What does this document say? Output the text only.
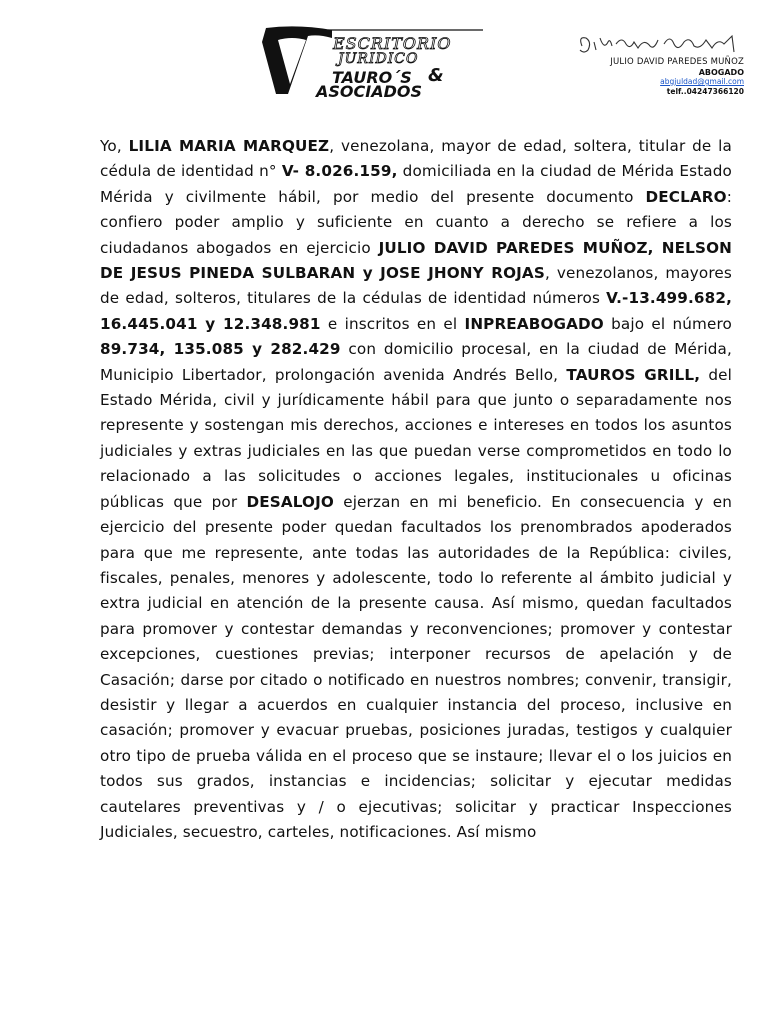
ESCRITORIO
JURIDICO
TAURO´S &
ASOCIADOS
JULIO DAVID PAREDES MUÑOZ
ABOGADO
abgjuldad@gmail.com
telf..04247366120
Yo, LILIA MARIA MARQUEZ, venezolana, mayor de edad, soltera, titular de la cédula de identidad n° V- 8.026.159, domiciliada en la ciudad de Mérida Estado Mérida y civilmente hábil, por medio del presente documento DECLARO: confiero poder amplio y suficiente en cuanto a derecho se refiere a los ciudadanos abogados en ejercicio JULIO DAVID PAREDES MUÑOZ, NELSON DE JESUS PINEDA SULBARAN y JOSE JHONY ROJAS, venezolanos, mayores de edad, solteros, titulares de la cédulas de identidad números V.-13.499.682, 16.445.041 y 12.348.981 e inscritos en el INPREABOGADO bajo el número 89.734, 135.085 y 282.429 con domicilio procesal, en la ciudad de Mérida, Municipio Libertador, prolongación avenida Andrés Bello, TAUROS GRILL, del Estado Mérida, civil y jurídicamente hábil para que junto o separadamente nos represente y sostengan mis derechos, acciones e intereses en todos los asuntos judiciales y extras judiciales en las que puedan verse comprometidos en todo lo relacionado a las solicitudes o acciones legales, institucionales u oficinas públicas que por DESALOJO ejerzan en mi beneficio. En consecuencia y en ejercicio del presente poder quedan facultados los prenombrados apoderados para que me represente, ante todas las autoridades de la República: civiles, fiscales, penales, menores y adolescente, todo lo referente al ámbito judicial y extra judicial en atención de la presente causa. Así mismo, quedan facultados para promover y contestar demandas y reconvenciones; promover y contestar excepciones, cuestiones previas; interponer recursos de apelación y de Casación; darse por citado o notificado en nuestros nombres; convenir, transigir, desistir y llegar a acuerdos en cualquier instancia del proceso, inclusive en casación; promover y evacuar pruebas, posiciones juradas, testigos y cualquier otro tipo de prueba válida en el proceso que se instaure; llevar el o los juicios en todos sus grados, instancias e incidencias; solicitar y ejecutar medidas cautelares preventivas y / o ejecutivas; solicitar y practicar Inspecciones Judiciales, secuestro, carteles, notificaciones. Así mismo
